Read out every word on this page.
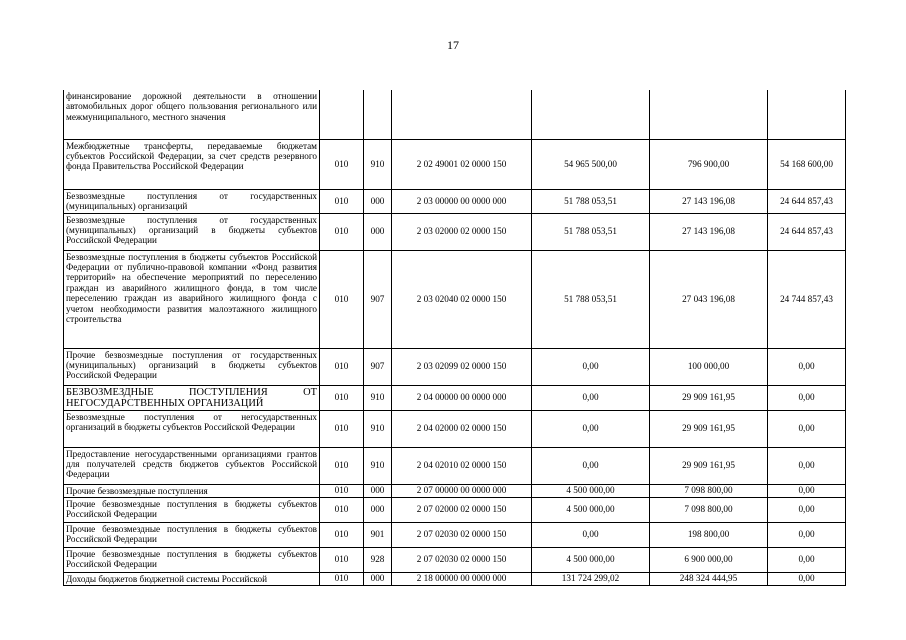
17
финансирование дорожной деятельности в отношении автомобильных дорог общего пользования регионального или межмуниципального, местного значения						
Межбюджетные трансферты, передаваемые бюджетам субъектов Российской Федерации, за счет средств резервного фонда Правительства Российской Федерации	010	910	2 02 49001 02 0000 150	54 965 500,00	796 900,00	54 168 600,00
Безвозмездные поступления от государственных (муниципальных) организаций	010	000	2 03 00000 00 0000 000	51 788 053,51	27 143 196,08	24 644 857,43
Безвозмездные поступления от государственных (муниципальных) организаций в бюджеты субъектов Российской Федерации	010	000	2 03 02000 02 0000 150	51 788 053,51	27 143 196,08	24 644 857,43
Безвозмездные поступления в бюджеты субъектов Российской Федерации от публично-правовой компании «Фонд развития территорий» на обеспечение мероприятий по переселению граждан из аварийного жилищного фонда, в том числе переселению граждан из аварийного жилищного фонда с учетом необходимости развития малоэтажного жилищного строительства	010	907	2 03 02040 02 0000 150	51 788 053,51	27 043 196,08	24 744 857,43
Прочие безвозмездные поступления от государственных (муниципальных) организаций в бюджеты субъектов Российской Федерации	010	907	2 03 02099 02 0000 150	0,00	100 000,00	0,00
БЕЗВОЗМЕЗДНЫЕ ПОСТУПЛЕНИЯ ОТ НЕГОСУДАРСТВЕННЫХ ОРГАНИЗАЦИЙ	010	910	2 04 00000 00 0000 000	0,00	29 909 161,95	0,00
Безвозмездные поступления от негосударственных организаций в бюджеты субъектов Российской Федерации	010	910	2 04 02000 02 0000 150	0,00	29 909 161,95	0,00
Предоставление негосударственными организациями грантов для получателей средств бюджетов субъектов Российской Федерации	010	910	2 04 02010 02 0000 150	0,00	29 909 161,95	0,00
Прочие безвозмездные поступления	010	000	2 07 00000 00 0000 000	4 500 000,00	7 098 800,00	0,00
Прочие безвозмездные поступления в бюджеты субъектов Российской Федерации	010	000	2 07 02000 02 0000 150	4 500 000,00	7 098 800,00	0,00
Прочие безвозмездные поступления в бюджеты субъектов Российской Федерации	010	901	2 07 02030 02 0000 150	0,00	198 800,00	0,00
Прочие безвозмездные поступления в бюджеты субъектов Российской Федерации	010	928	2 07 02030 02 0000 150	4 500 000,00	6 900 000,00	0,00
Доходы бюджетов бюджетной системы Российской	010	000	2 18 00000 00 0000 000	131 724 299,02	248 324 444,95	0,00
